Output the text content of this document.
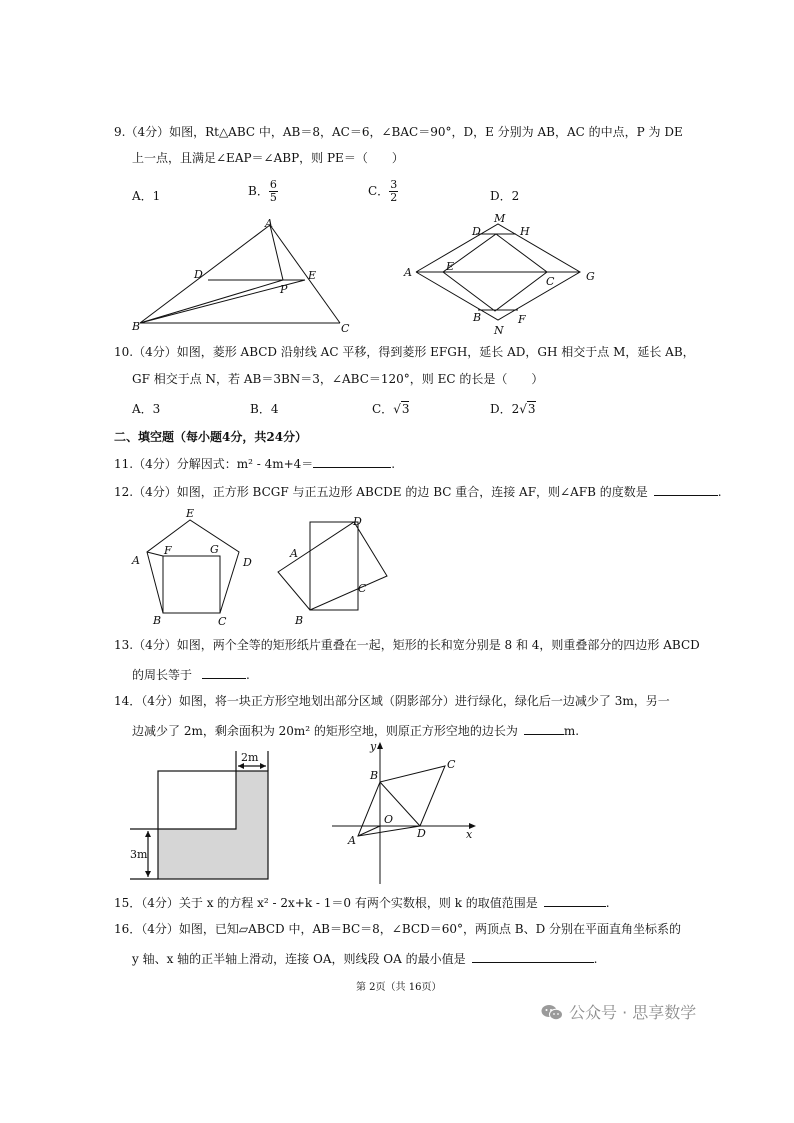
9.（4分）如图，Rt△ABC 中，AB＝8，AC＝6，∠BAC＝90°，D，E 分别为 AB，AC 的中点，P 为 DE
上一点，且满足∠EAP＝∠ABP，则 PE＝（　　）
A．1	B． $\frac{6}{5}$	C． $\frac{3}{2}$	D．2
A
D	E
P
B	C
M
D	H
A	E
C	G
B	F
N
10.（4分）如图，菱形 ABCD 沿射线 AC 平移，得到菱形 EFGH，延长 AD，GH 相交于点 M，延长 AB，
GF 相交于点 N，若 AB＝3BN＝3，∠ABC＝120°，则 EC 的长是（　　）
A．3	B．4	C．√3	D．2√3
二、填空题（每小题4分，共24分）
11.（4分）分解因式：m² - 4m+4＝	.
12.（4分）如图，正方形 BCGF 与正五边形 ABCDE 的边 BC 重合，连接 AF，则∠AFB 的度数是	.
E
A
F	G
D
B	C
D
A
C
B
13.（4分）如图，两个全等的矩形纸片重叠在一起，矩形的长和宽分别是 8 和 4，则重叠部分的四边形 ABCD
的周长等于	.
14．（4分）如图，将一块正方形空地划出部分区域（阴影部分）进行绿化，绿化后一边减少了 3m，另一
边减少了 2m，剩余面积为 20m² 的矩形空地，则原正方形空地的边长为	m.
2m
3m
y
C
B
O
D	x
A
15．（4分）关于 x 的方程 x² - 2x+k - 1＝0 有两个实数根，则 k 的取值范围是	.
16．（4分）如图，已知▱ABCD 中，AB＝BC＝8，∠BCD＝60°，两顶点 B、D 分别在平面直角坐标系的
y 轴、x 轴的正半轴上滑动，连接 OA，则线段 OA 的最小值是	.
第 2页（共 16页）
公众号 · 思享数学
